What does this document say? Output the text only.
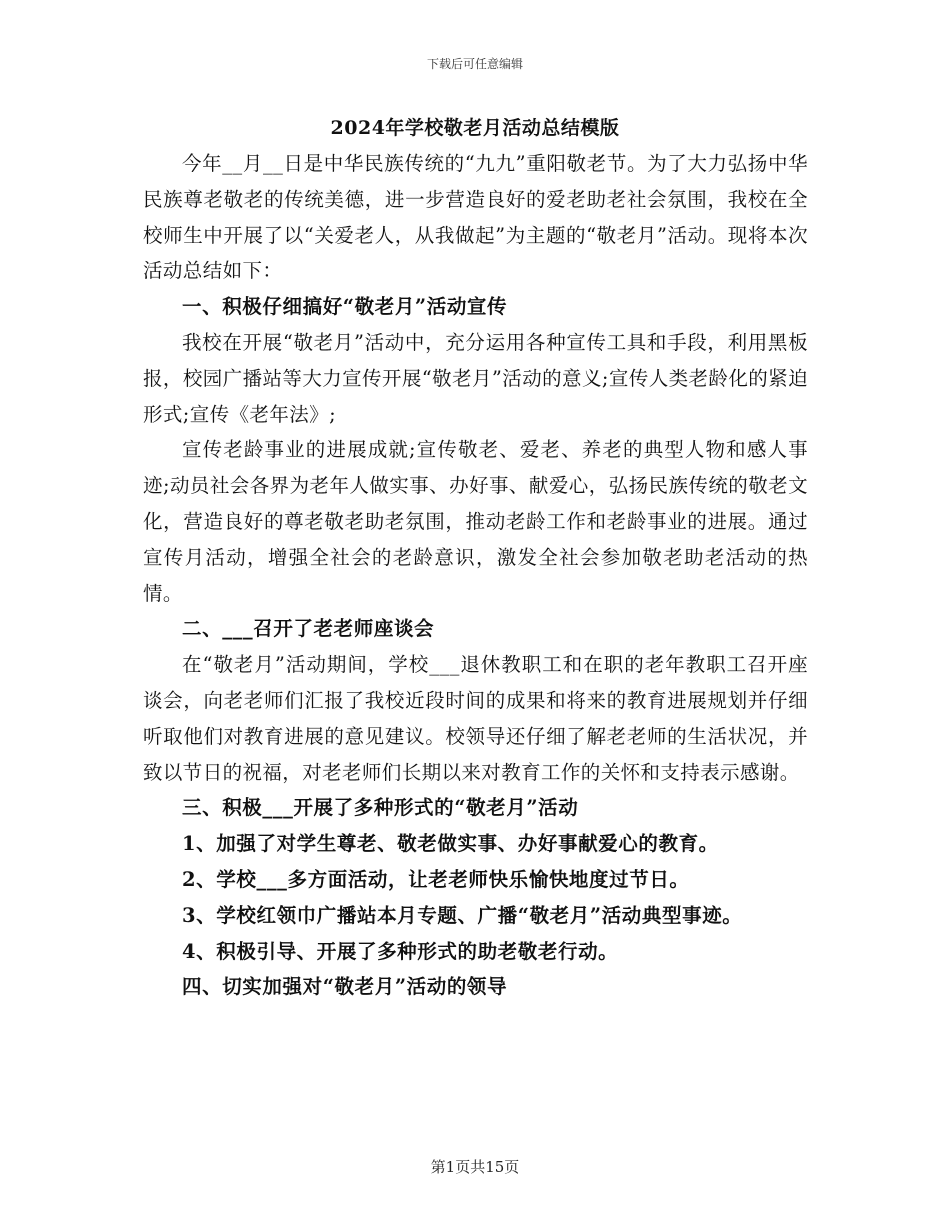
下载后可任意编辑
2024年学校敬老月活动总结模版

今年__月__日是中华民族传统的“九九”重阳敬老节。为了大力弘扬中华民族尊老敬老的传统美德，进一步营造良好的爱老助老社会氛围，我校在全校师生中开展了以“关爱老人，从我做起”为主题的“敬老月”活动。现将本次活动总结如下：

一、积极仔细搞好“敬老月”活动宣传

我校在开展“敬老月”活动中，充分运用各种宣传工具和手段，利用黑板报，校园广播站等大力宣传开展“敬老月”活动的意义;宣传人类老龄化的紧迫形式;宣传《老年法》;

宣传老龄事业的进展成就;宣传敬老、爱老、养老的典型人物和感人事迹;动员社会各界为老年人做实事、办好事、献爱心，弘扬民族传统的敬老文化，营造良好的尊老敬老助老氛围，推动老龄工作和老龄事业的进展。通过宣传月活动，增强全社会的老龄意识，激发全社会参加敬老助老活动的热情。

二、___召开了老老师座谈会

在“敬老月”活动期间，学校___退休教职工和在职的老年教职工召开座谈会，向老老师们汇报了我校近段时间的成果和将来的教育进展规划并仔细听取他们对教育进展的意见建议。校领导还仔细了解老老师的生活状况，并致以节日的祝福，对老老师们长期以来对教育工作的关怀和支持表示感谢。

三、积极___开展了多种形式的“敬老月”活动

1、加强了对学生尊老、敬老做实事、办好事献爱心的教育。

2、学校___多方面活动，让老老师快乐愉快地度过节日。

3、学校红领巾广播站本月专题、广播“敬老月”活动典型事迹。

4、积极引导、开展了多种形式的助老敬老行动。

四、切实加强对“敬老月”活动的领导

第1页共15页
